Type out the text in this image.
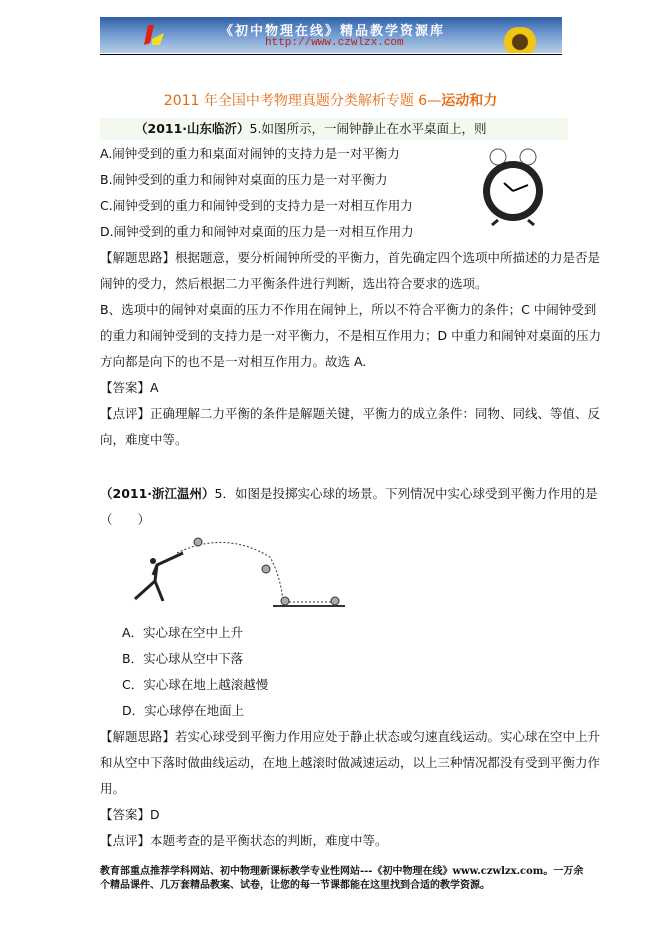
《初中物理在线》精品教学资源库
http://www.czwlzx.com
2011 年全国中考物理真题分类解析专题 6—运动和力
（2011·山东临沂）5.如图所示，一闹钟静止在水平桌面上，则
A.闹钟受到的重力和桌面对闹钟的支持力是一对平衡力
B.闹钟受到的重力和闹钟对桌面的压力是一对平衡力
C.闹钟受到的重力和闹钟受到的支持力是一对相互作用力
D.闹钟受到的重力和闹钟对桌面的压力是一对相互作用力
【解题思路】根据题意，要分析闹钟所受的平衡力，首先确定四个选项中所描述的力是否是
闹钟的受力，然后根据二力平衡条件进行判断，选出符合要求的选项。
B、选项中的闹钟对桌面的压力不作用在闹钟上，所以不符合平衡力的条件；C 中闹钟受到
的重力和闹钟受到的支持力是一对平衡力，不是相互作用力；D 中重力和闹钟对桌面的压力
方向都是向下的也不是一对相互作用力。故选 A.
【答案】A
【点评】正确理解二力平衡的条件是解题关键，平衡力的成立条件：同物、同线、等值、反
向，难度中等。
（2011·浙江温州）5．如图是投掷实心球的场景。下列情况中实心球受到平衡力作用的是
（　　）
A．实心球在空中上升
B．实心球从空中下落
C．实心球在地上越滚越慢
D．实心球停在地面上
【解题思路】若实心球受到平衡力作用应处于静止状态或匀速直线运动。实心球在空中上升
和从空中下落时做曲线运动，在地上越滚时做减速运动，以上三种情况都没有受到平衡力作
用。
【答案】D
【点评】本题考查的是平衡状态的判断，难度中等。
教育部重点推荐学科网站、初中物理新课标教学专业性网站---《初中物理在线》www.czwlzx.com。一万余
个精品课件、几万套精品教案、试卷，让您的每一节课都能在这里找到合适的教学资源。
